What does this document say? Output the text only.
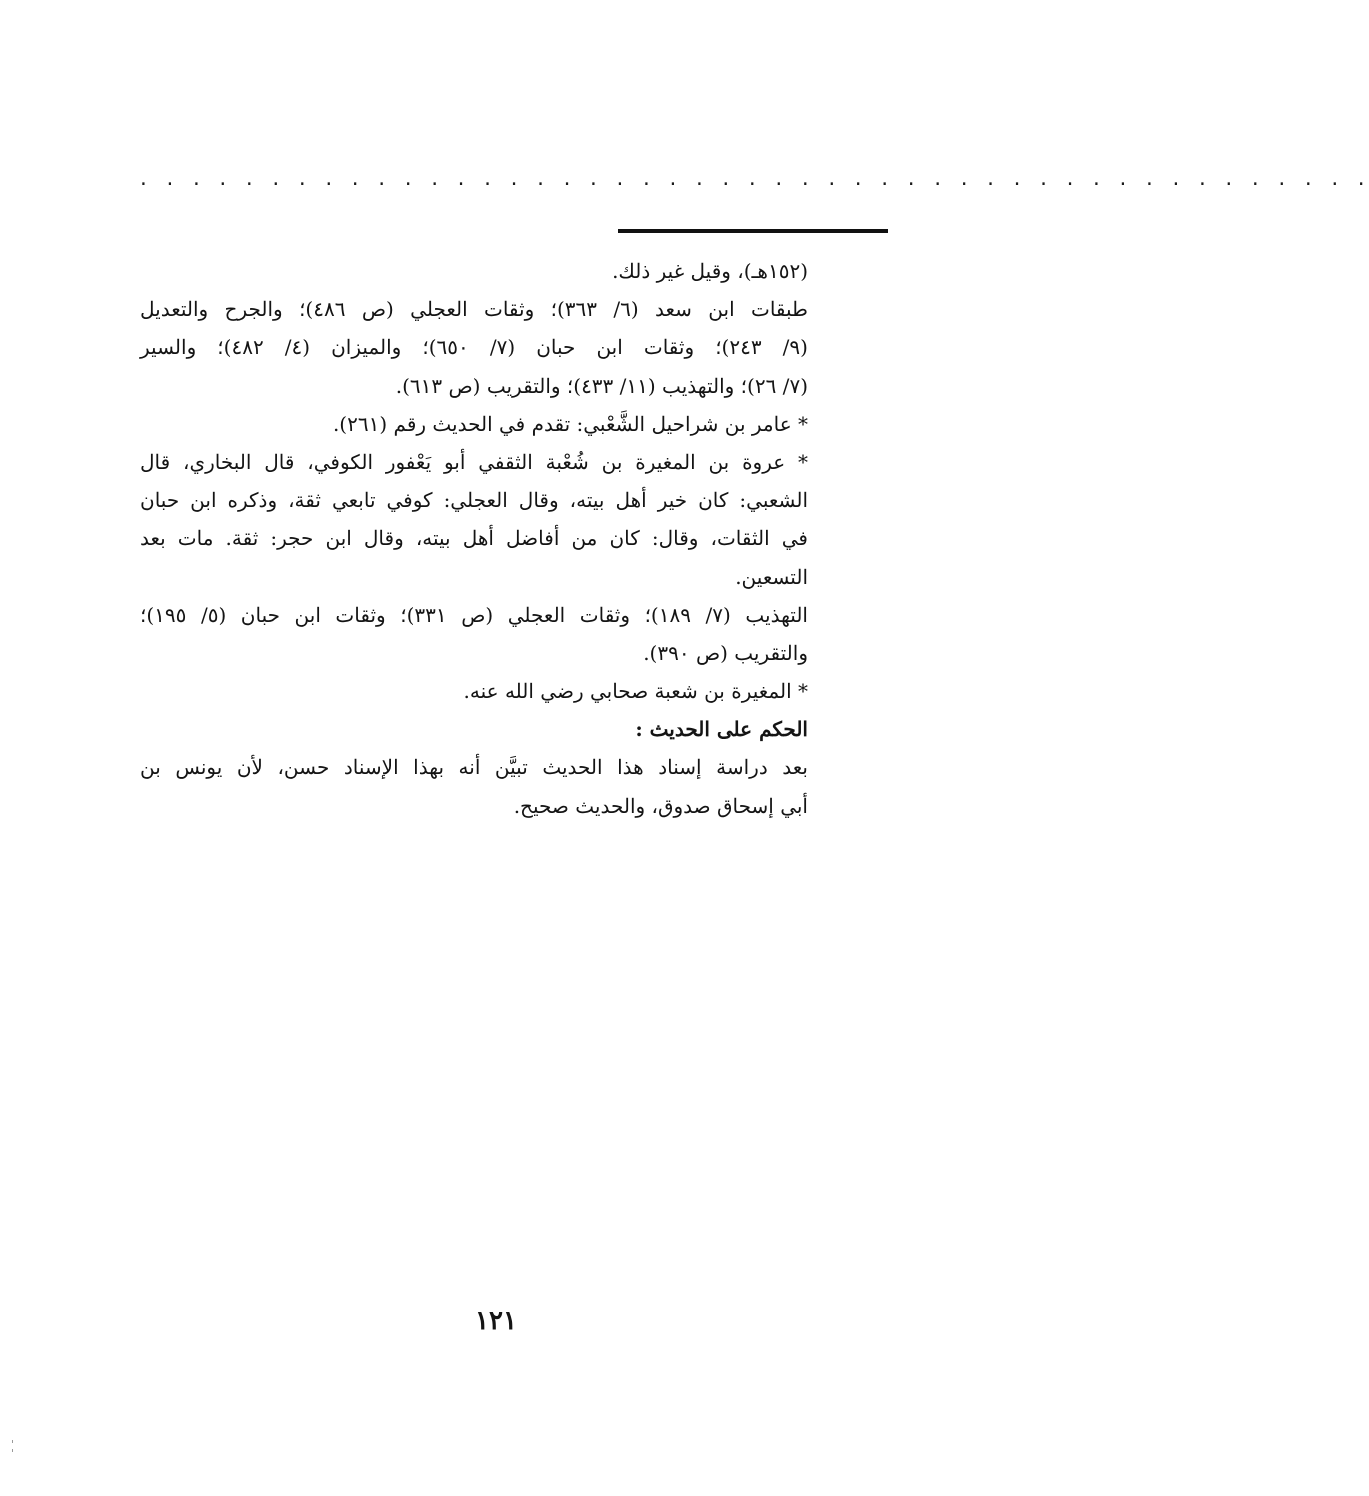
. . . . . . . . . . . . . . . . . . . . . . . . . . . . . . . . . . . . . . . . . . . . . . .
(١٥٢هـ)، وقيل غير ذلك.
طبقات ابن سعد (٦/ ٣٦٣)؛ وثقات العجلي (ص ٤٨٦)؛ والجرح والتعديل
(٩/ ٢٤٣)؛ وثقات ابن حبان (٧/ ٦٥٠)؛ والميزان (٤/ ٤٨٢)؛ والسير
(٧/ ٢٦)؛ والتهذيب (١١/ ٤٣٣)؛ والتقريب (ص ٦١٣).
* عامر بن شراحيل الشَّعْبي: تقدم في الحديث رقم (٢٦١).
* عروة بن المغيرة بن شُعْبة الثقفي أبو يَعْفور الكوفي، قال البخاري، قال
الشعبي: كان خير أهل بيته، وقال العجلي: كوفي تابعي ثقة، وذكره ابن حبان
في الثقات، وقال: كان من أفاضل أهل بيته، وقال ابن حجر: ثقة. مات بعد
التسعين.
التهذيب (٧/ ١٨٩)؛ وثقات العجلي (ص ٣٣١)؛ وثقات ابن حبان (٥/ ١٩٥)؛
والتقريب (ص ٣٩٠).
* المغيرة بن شعبة صحابي رضي الله عنه.
الحكم على الحديث :
بعد دراسة إسناد هذا الحديث تبيَّن أنه بهذا الإسناد حسن، لأن يونس بن
أبي إسحاق صدوق، والحديث صحيح.
١٢١
